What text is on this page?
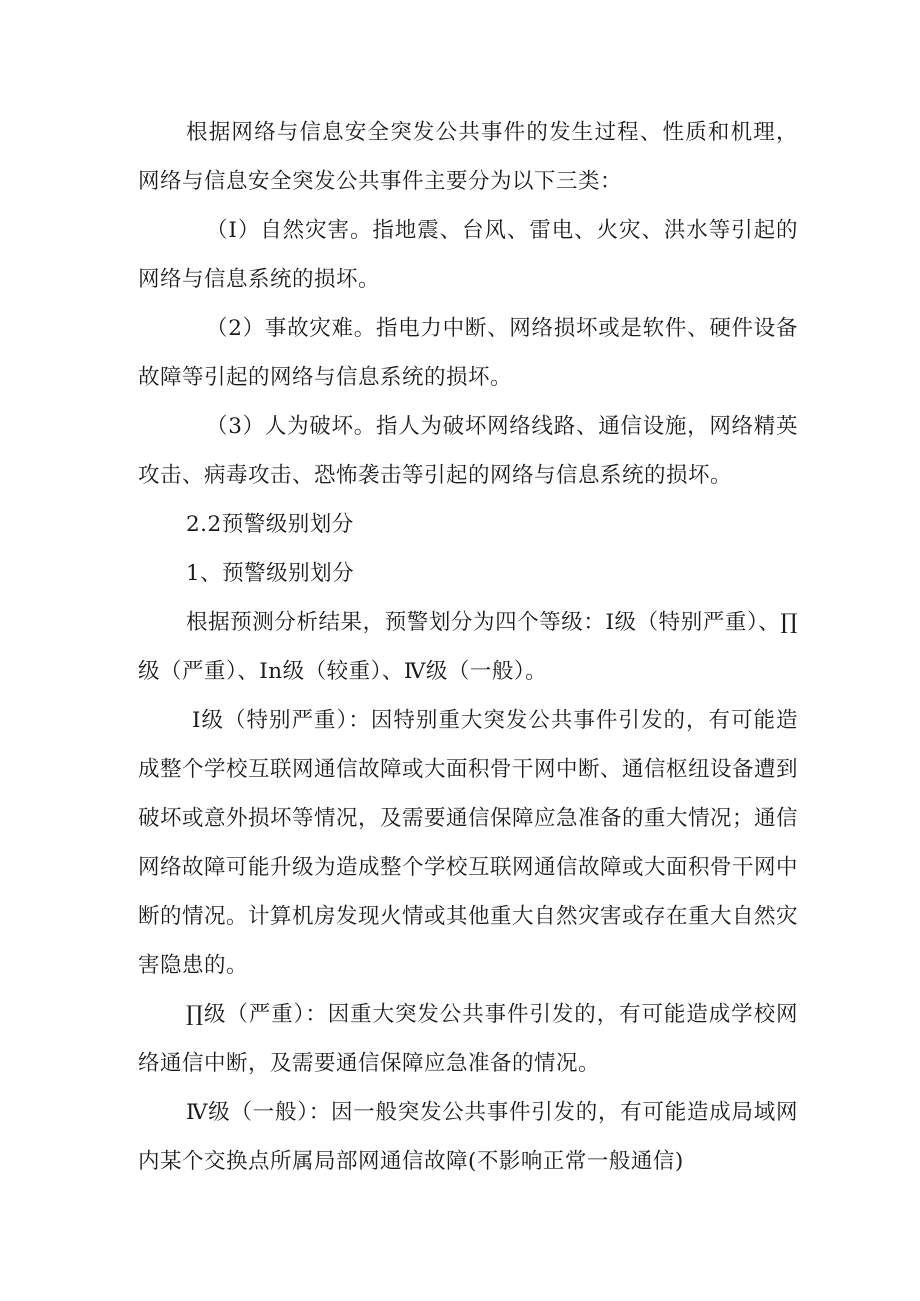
根据网络与信息安全突发公共事件的发生过程、性质和机理，网络与信息安全突发公共事件主要分为以下三类：

（I）自然灾害。指地震、台风、雷电、火灾、洪水等引起的网络与信息系统的损坏。

（2）事故灾难。指电力中断、网络损坏或是软件、硬件设备故障等引起的网络与信息系统的损坏。

（3）人为破坏。指人为破坏网络线路、通信设施，网络精英攻击、病毒攻击、恐怖袭击等引起的网络与信息系统的损坏。

2.2预警级别划分

1、预警级别划分

根据预测分析结果，预警划分为四个等级：Ⅰ级（特别严重）、∏级（严重）、In级（较重）、Ⅳ级（一般）。

Ⅰ级（特别严重）：因特别重大突发公共事件引发的，有可能造成整个学校互联网通信故障或大面积骨干网中断、通信枢纽设备遭到破坏或意外损坏等情况，及需要通信保障应急准备的重大情况；通信网络故障可能升级为造成整个学校互联网通信故障或大面积骨干网中断的情况。计算机房发现火情或其他重大自然灾害或存在重大自然灾害隐患的。

∏级（严重）：因重大突发公共事件引发的，有可能造成学校网络通信中断，及需要通信保障应急准备的情况。

Ⅳ级（一般）：因一般突发公共事件引发的，有可能造成局域网内某个交换点所属局部网通信故障(不影响正常一般通信)
